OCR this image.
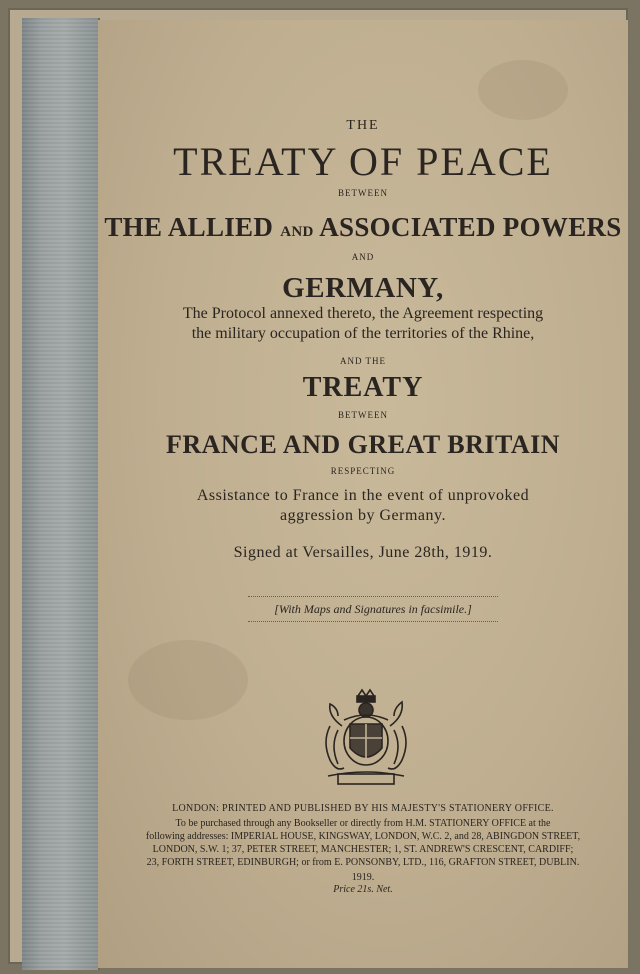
THE

TREATY OF PEACE

BETWEEN

THE ALLIED AND ASSOCIATED POWERS

AND

GERMANY,

The Protocol annexed thereto, the Agreement respecting

the military occupation of the territories of the Rhine,

AND THE

TREATY

BETWEEN

FRANCE AND GREAT BRITAIN

RESPECTING

Assistance to France in the event of unprovoked

aggression by Germany.

Signed at Versailles, June 28th, 1919.

[With Maps and Signatures in facsimile.]

LONDON: PRINTED AND PUBLISHED BY HIS MAJESTY'S STATIONERY OFFICE.

To be purchased through any Bookseller or directly from H.M. STATIONERY OFFICE at the

following addresses: IMPERIAL HOUSE, KINGSWAY, LONDON, W.C. 2, and 28, ABINGDON STREET,

LONDON, S.W. 1; 37, PETER STREET, MANCHESTER; 1, ST. ANDREW'S CRESCENT, CARDIFF;

23, FORTH STREET, EDINBURGH; or from E. PONSONBY, LTD., 116, GRAFTON STREET, DUBLIN.

1919.

Price 21s. Net.
